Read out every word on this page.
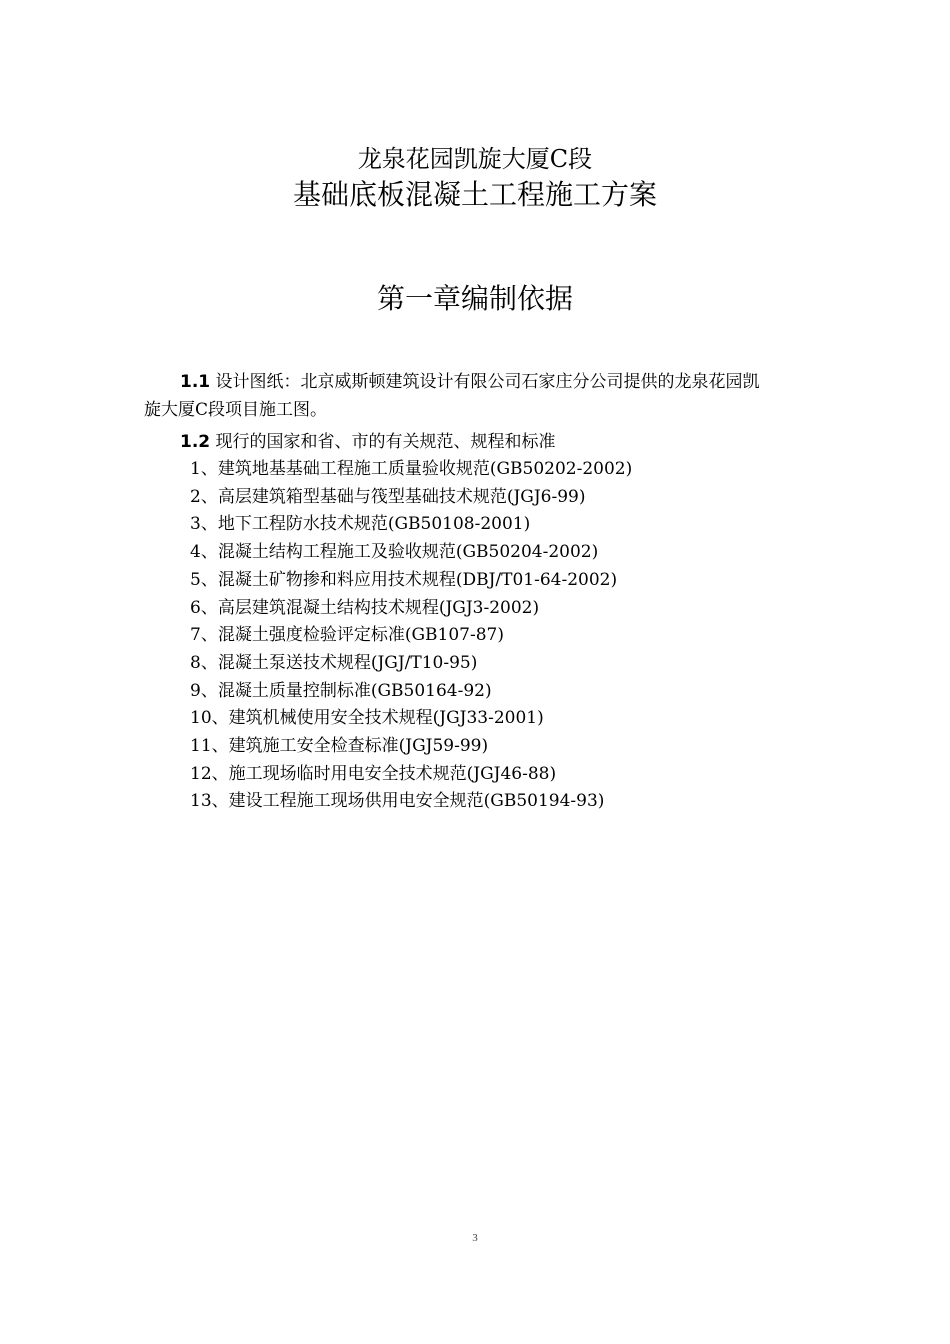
龙泉花园凯旋大厦C段
基础底板混凝土工程施工方案
第一章编制依据
1.1 设计图纸：北京威斯顿建筑设计有限公司石家庄分公司提供的龙泉花园凯
旋大厦C段项目施工图。
1.2 现行的国家和省、市的有关规范、规程和标准
1、建筑地基基础工程施工质量验收规范(GB50202-2002)
2、高层建筑箱型基础与筏型基础技术规范(JGJ6-99)
3、地下工程防水技术规范(GB50108-2001)
4、混凝土结构工程施工及验收规范(GB50204-2002)
5、混凝土矿物掺和料应用技术规程(DBJ/T01-64-2002)
6、高层建筑混凝土结构技术规程(JGJ3-2002)
7、混凝土强度检验评定标准(GB107-87)
8、混凝土泵送技术规程(JGJ/T10-95)
9、混凝土质量控制标准(GB50164-92)
10、建筑机械使用安全技术规程(JGJ33-2001)
11、建筑施工安全检查标准(JGJ59-99)
12、施工现场临时用电安全技术规范(JGJ46-88)
13、建设工程施工现场供用电安全规范(GB50194-93)
3
